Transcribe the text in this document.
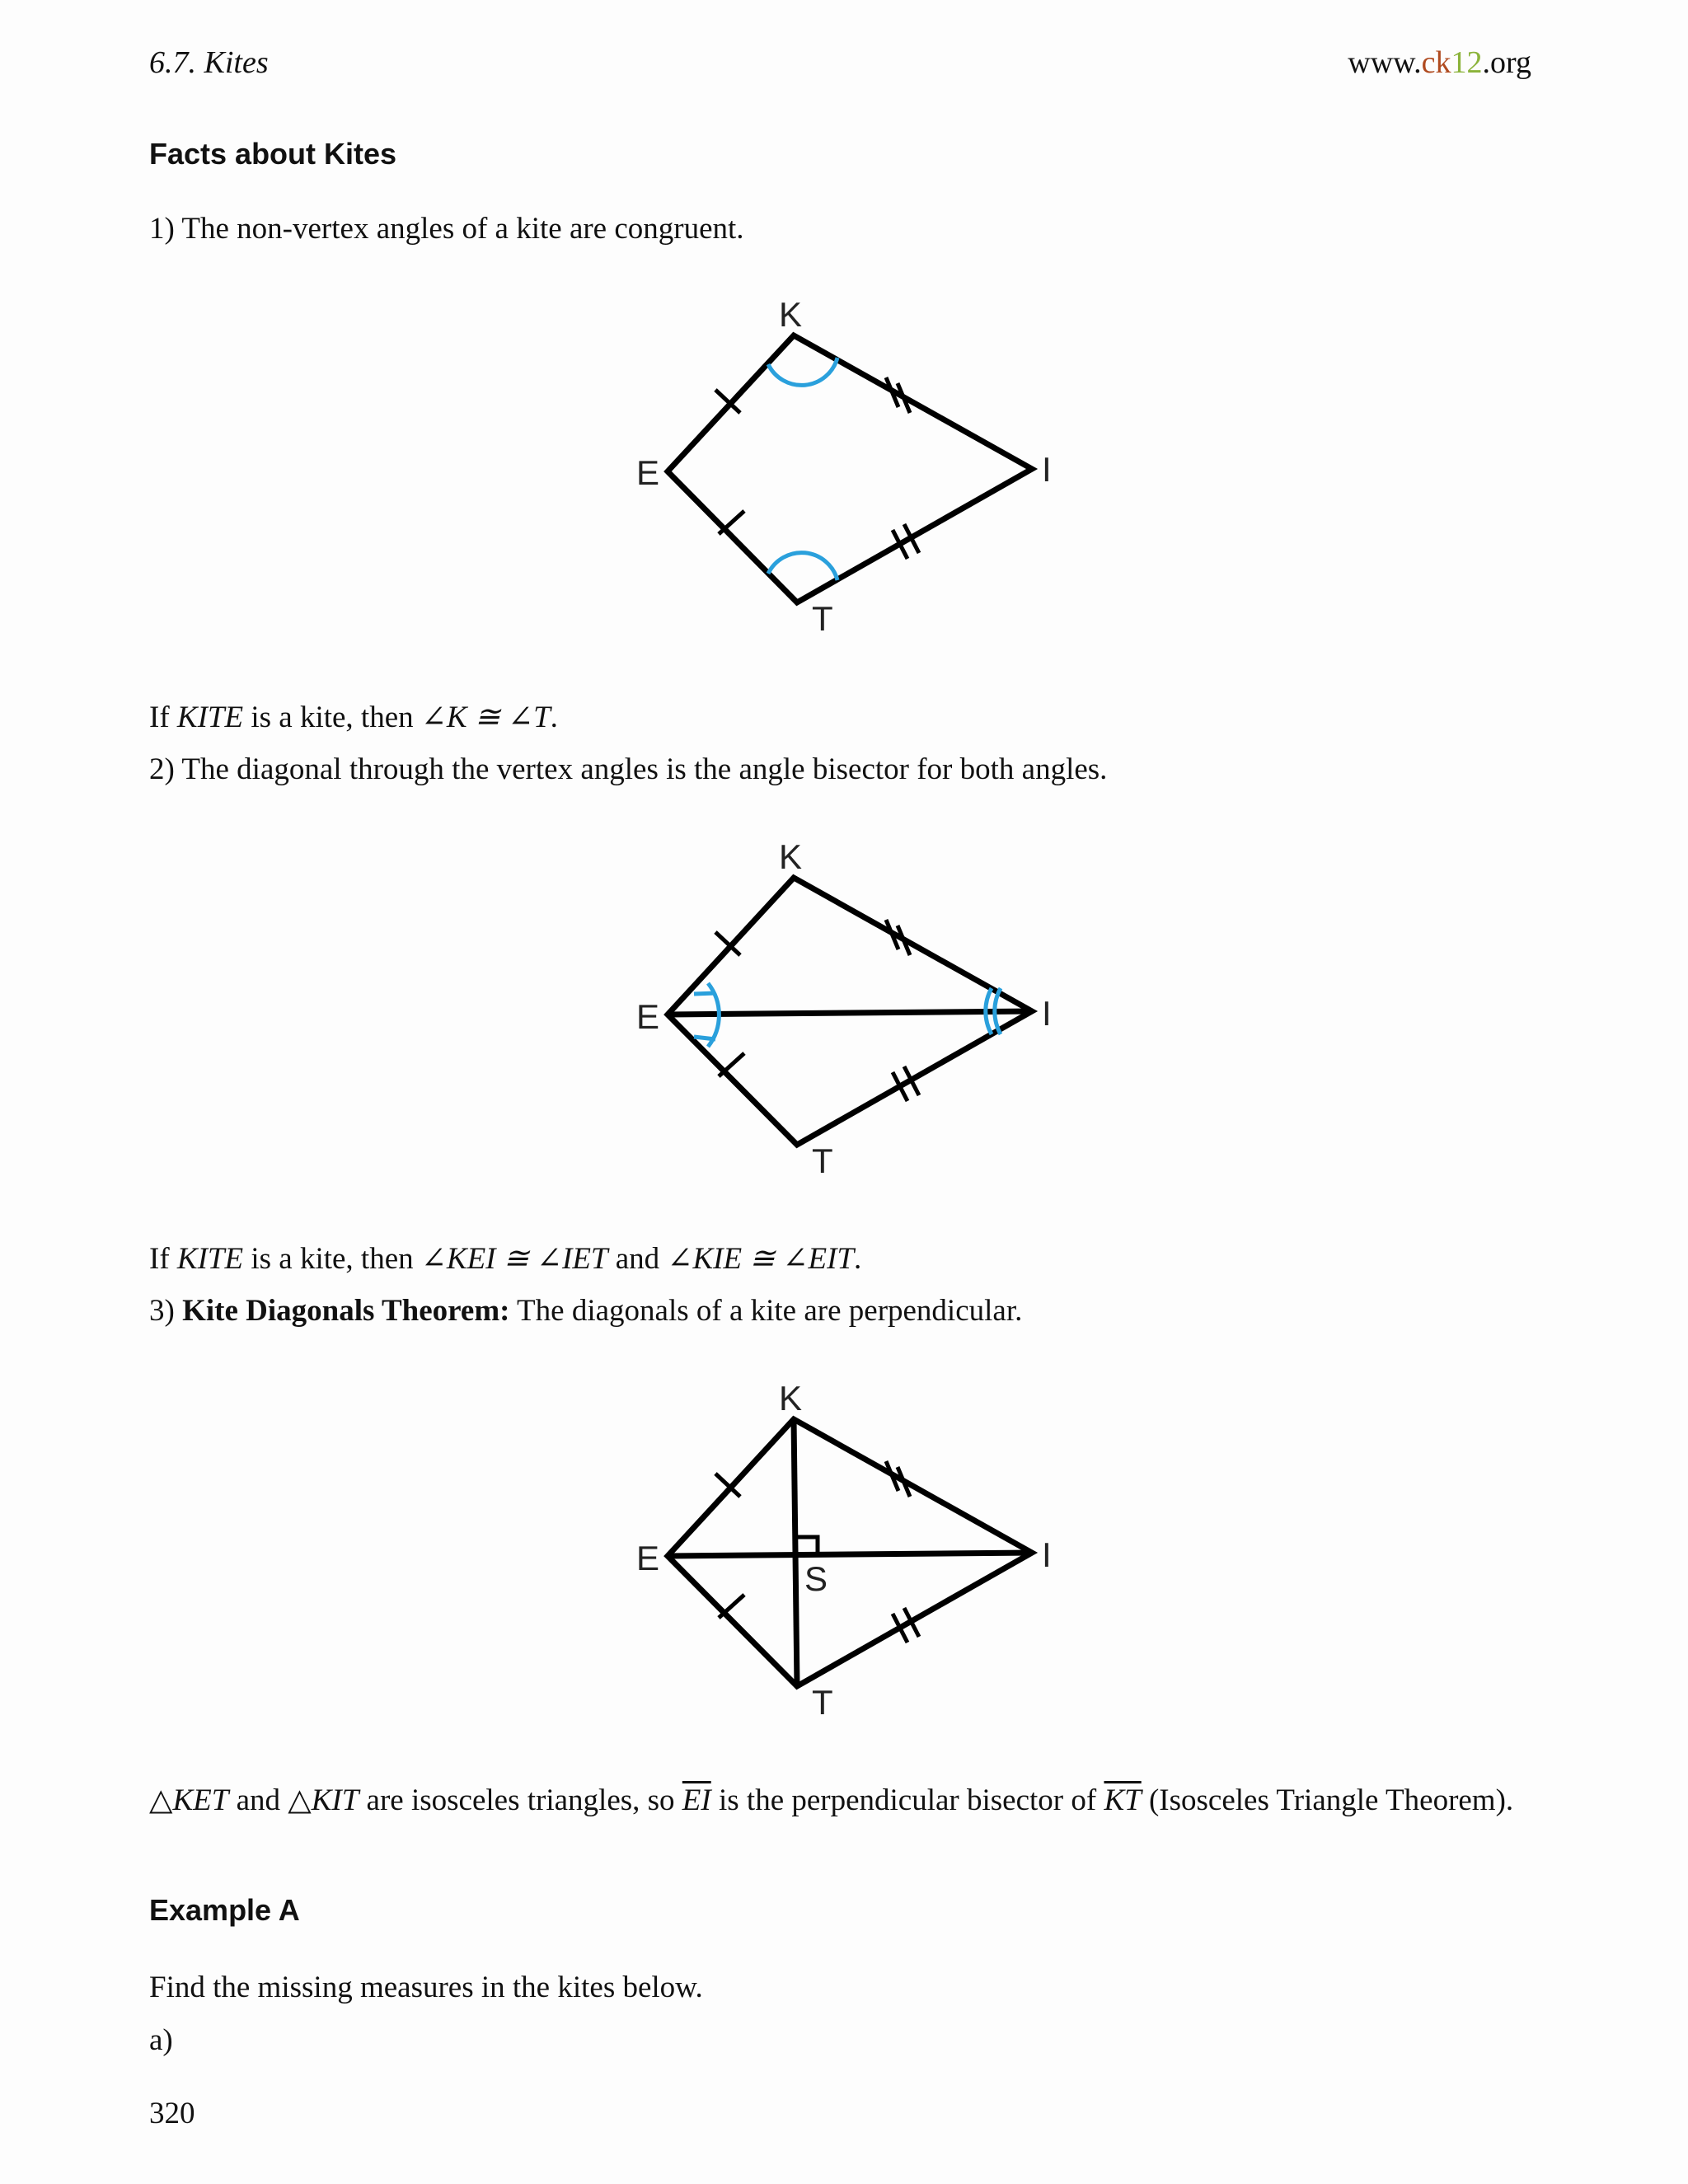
6.7. Kites	www.ck12.org
Facts about Kites
1) The non-vertex angles of a kite are congruent.
K
E	I
T
If KITE is a kite, then ∠K ≅ ∠T.
2) The diagonal through the vertex angles is the angle bisector for both angles.
K
E	I
T
If KITE is a kite, then ∠KEI ≅ ∠IET and ∠KIE ≅ ∠EIT.
3) Kite Diagonals Theorem: The diagonals of a kite are perpendicular.
K
E	I
S
T
△KET and △KIT are isosceles triangles, so $\overline{EI}$ is the perpendicular bisector of $\overline{KT}$ (Isosceles Triangle Theorem).
Example A
Find the missing measures in the kites below.
a)
320
